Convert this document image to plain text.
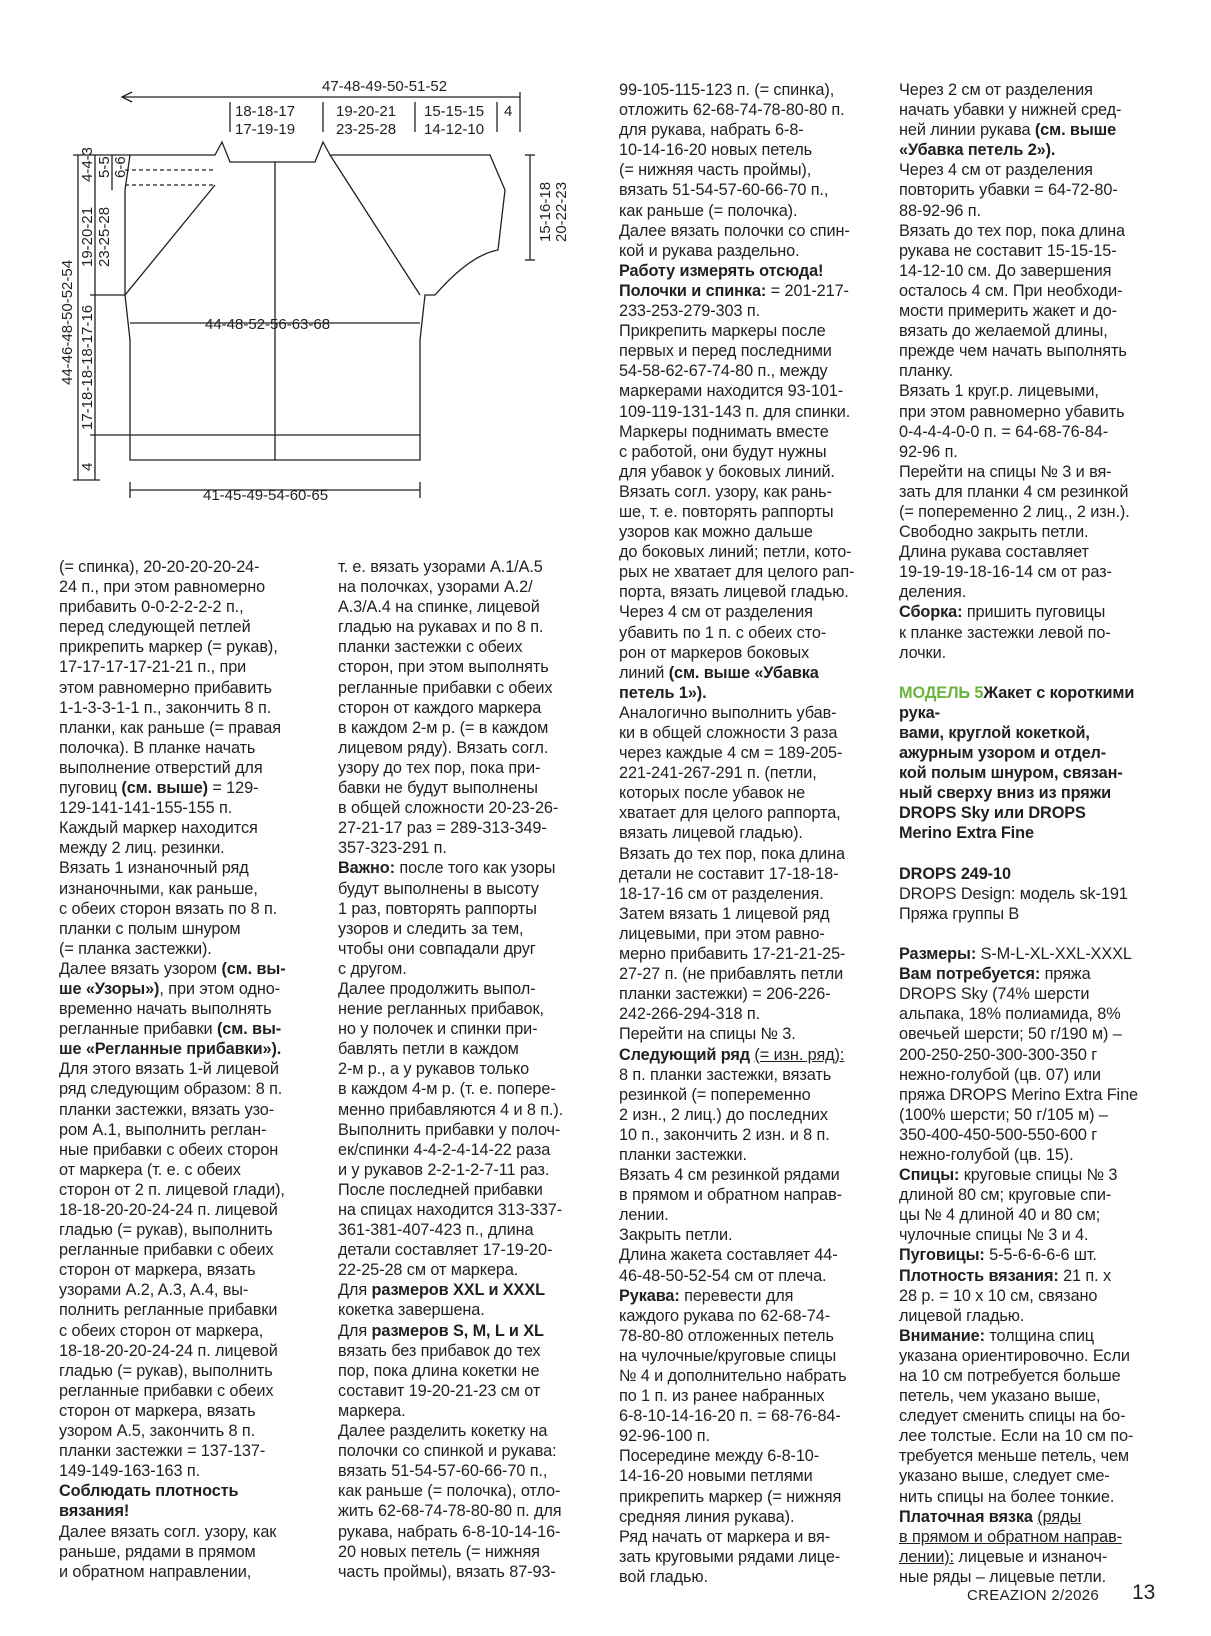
47-48-49-50-51-52
18-18-17
17-19-19
19-20-21
23-25-28
15-15-15
14-12-10
4
4-4-3 5-5 6-6
19-20-21 23-25-28
44-46-48-50-52-54 17-18-18-18-17-16
4
44-48-52-56-63-68
41-45-49-54-60-65
15-16-18 20-22-23
(= спинка), 20-20-20-20-24-
24 п., при этом равномерно
прибавить 0-0-2-2-2-2 п.,
перед следующей петлей
прикрепить маркер (= рукав),
17-17-17-17-21-21 п., при
этом равномерно прибавить
1-1-3-3-1-1 п., закончить 8 п.
планки, как раньше (= правая
полочка). В планке начать
выполнение отверстий для
пуговиц (см. выше) = 129-
129-141-141-155-155 п.
Каждый маркер находится
между 2 лиц. резинки.
Вязать 1 изнаночный ряд
изнаночными, как раньше,
с обеих сторон вязать по 8 п.
планки с полым шнуром
(= планка застежки).
Далее вязать узором (см. вы-
ше «Узоры»), при этом одно-
временно начать выполнять
регланные прибавки (см. вы-
ше «Регланные прибавки»).
Для этого вязать 1-й лицевой
ряд следующим образом: 8 п.
планки застежки, вязать узо-
ром A.1, выполнить реглан-
ные прибавки с обеих сторон
от маркера (т. е. с обеих
сторон от 2 п. лицевой глади),
18-18-20-20-24-24 п. лицевой
гладью (= рукав), выполнить
регланные прибавки с обеих
сторон от маркера, вязать
узорами A.2, A.3, A.4, вы-
полнить регланные прибавки
с обеих сторон от маркера,
18-18-20-20-24-24 п. лицевой
гладью (= рукав), выполнить
регланные прибавки с обеих
сторон от маркера, вязать
узором A.5, закончить 8 п.
планки застежки = 137-137-
149-149-163-163 п.
Соблюдать плотность
вязания!
Далее вязать согл. узору, как
раньше, рядами в прямом
и обратном направлении,
т. е. вязать узорами A.1/A.5
на полочках, узорами A.2/
A.3/A.4 на спинке, лицевой
гладью на рукавах и по 8 п.
планки застежки с обеих
сторон, при этом выполнять
регланные прибавки с обеих
сторон от каждого маркера
в каждом 2-м р. (= в каждом
лицевом ряду). Вязать согл.
узору до тех пор, пока при-
бавки не будут выполнены
в общей сложности 20-23-26-
27-21-17 раз = 289-313-349-
357-323-291 п.
Важно: после того как узоры
будут выполнены в высоту
1 раз, повторять раппорты
узоров и следить за тем,
чтобы они совпадали друг
с другом.
Далее продолжить выпол-
нение регланных прибавок,
но у полочек и спинки при-
бавлять петли в каждом
2-м р., а у рукавов только
в каждом 4-м р. (т. е. попере-
менно прибавляются 4 и 8 п.).
Выполнить прибавки у полоч-
ек/спинки 4-4-2-4-14-22 раза
и у рукавов 2-2-1-2-7-11 раз.
После последней прибавки
на спицах находится 313-337-
361-381-407-423 п., длина
детали составляет 17-19-20-
22-25-28 см от маркера.
Для размеров XXL и XXXL
кокетка завершена.
Для размеров S, M, L и XL
вязать без прибавок до тех
пор, пока длина кокетки не
составит 19-20-21-23 см от
маркера.
Далее разделить кокетку на
полочки со спинкой и рукава:
вязать 51-54-57-60-66-70 п.,
как раньше (= полочка), отло-
жить 62-68-74-78-80-80 п. для
рукава, набрать 6-8-10-14-16-
20 новых петель (= нижняя
часть проймы), вязать 87-93-
99-105-115-123 п. (= спинка),
отложить 62-68-74-78-80-80 п.
для рукава, набрать 6-8-
10-14-16-20 новых петель
(= нижняя часть проймы),
вязать 51-54-57-60-66-70 п.,
как раньше (= полочка).
Далее вязать полочки со спин-
кой и рукава раздельно.
Работу измерять отсюда!
Полочки и спинка: = 201-217-
233-253-279-303 п.
Прикрепить маркеры после
первых и перед последними
54-58-62-67-74-80 п., между
маркерами находится 93-101-
109-119-131-143 п. для спинки.
Маркеры поднимать вместе
с работой, они будут нужны
для убавок у боковых линий.
Вязать согл. узору, как рань-
ше, т. е. повторять раппорты
узоров как можно дальше
до боковых линий; петли, кото-
рых не хватает для целого рап-
порта, вязать лицевой гладью.
Через 4 см от разделения
убавить по 1 п. с обеих сто-
рон от маркеров боковых
линий (см. выше «Убавка
петель 1»).
Аналогично выполнить убав-
ки в общей сложности 3 раза
через каждые 4 см = 189-205-
221-241-267-291 п. (петли,
которых после убавок не
хватает для целого раппорта,
вязать лицевой гладью).
Вязать до тех пор, пока длина
детали не составит 17-18-18-
18-17-16 см от разделения.
Затем вязать 1 лицевой ряд
лицевыми, при этом равно-
мерно прибавить 17-21-21-25-
27-27 п. (не прибавлять петли
планки застежки) = 206-226-
242-266-294-318 п.
Перейти на спицы № 3.
Следующий ряд (= изн. ряд):
8 п. планки застежки, вязать
резинкой (= попеременно
2 изн., 2 лиц.) до последних
10 п., закончить 2 изн. и 8 п.
планки застежки.
Вязать 4 см резинкой рядами
в прямом и обратном направ-
лении.
Закрыть петли.
Длина жакета составляет 44-
46-48-50-52-54 см от плеча.
Рукава: перевести для
каждого рукава по 62-68-74-
78-80-80 отложенных петель
на чулочные/круговые спицы
№ 4 и дополнительно набрать
по 1 п. из ранее набранных
6-8-10-14-16-20 п. = 68-76-84-
92-96-100 п.
Посередине между 6-8-10-
14-16-20 новыми петлями
прикрепить маркер (= нижняя
средняя линия рукава).
Ряд начать от маркера и вя-
зать круговыми рядами лице-
вой гладью.
Через 2 см от разделения
начать убавки у нижней сред-
ней линии рукава (см. выше
«Убавка петель 2»).
Через 4 см от разделения
повторить убавки = 64-72-80-
88-92-96 п.
Вязать до тех пор, пока длина
рукава не составит 15-15-15-
14-12-10 см. До завершения
осталось 4 см. При необходи-
мости примерить жакет и до-
вязать до желаемой длины,
прежде чем начать выполнять
планку.
Вязать 1 круг.р. лицевыми,
при этом равномерно убавить
0-4-4-4-0-0 п. = 64-68-76-84-
92-96 п.
Перейти на спицы № 3 и вя-
зать для планки 4 см резинкой
(= попеременно 2 лиц., 2 изн.).
Свободно закрыть петли.
Длина рукава составляет
19-19-19-18-16-14 см от раз-
деления.
Сборка: пришить пуговицы
к планке застежки левой по-
лочки.

МОДЕЛЬ 5Жакет с короткими рука-
вами, круглой кокеткой,
ажурным узором и отдел-
кой полым шнуром, связан-
ный сверху вниз из пряжи
DROPS Sky или DROPS
Merino Extra Fine

DROPS 249-10
DROPS Design: модель sk-191
Пряжа группы B

Размеры: S-M-L-XL-XXL-XXXL
Вам потребуется: пряжа
DROPS Sky (74% шерсти
альпака, 18% полиамида, 8%
овечьей шерсти; 50 г/190 м) –
200-250-250-300-300-350 г
нежно-голубой (цв. 07) или
пряжа DROPS Merino Extra Fine
(100% шерсти; 50 г/105 м) –
350-400-450-500-550-600 г
нежно-голубой (цв. 15).
Спицы: круговые спицы № 3
длиной 80 см; круговые спи-
цы № 4 длиной 40 и 80 см;
чулочные спицы № 3 и 4.
Пуговицы: 5-5-6-6-6-6 шт.
Плотность вязания: 21 п. х
28 р. = 10 х 10 см, связано
лицевой гладью.
Внимание: толщина спиц
указана ориентировочно. Если
на 10 см потребуется больше
петель, чем указано выше,
следует сменить спицы на бо-
лее толстые. Если на 10 см по-
требуется меньше петель, чем
указано выше, следует сме-
нить спицы на более тонкие.
Платочная вязка (ряды
в прямом и обратном направ-
лении): лицевые и изнаноч-
ные ряды – лицевые петли.
CREAZION 2/2026 13
